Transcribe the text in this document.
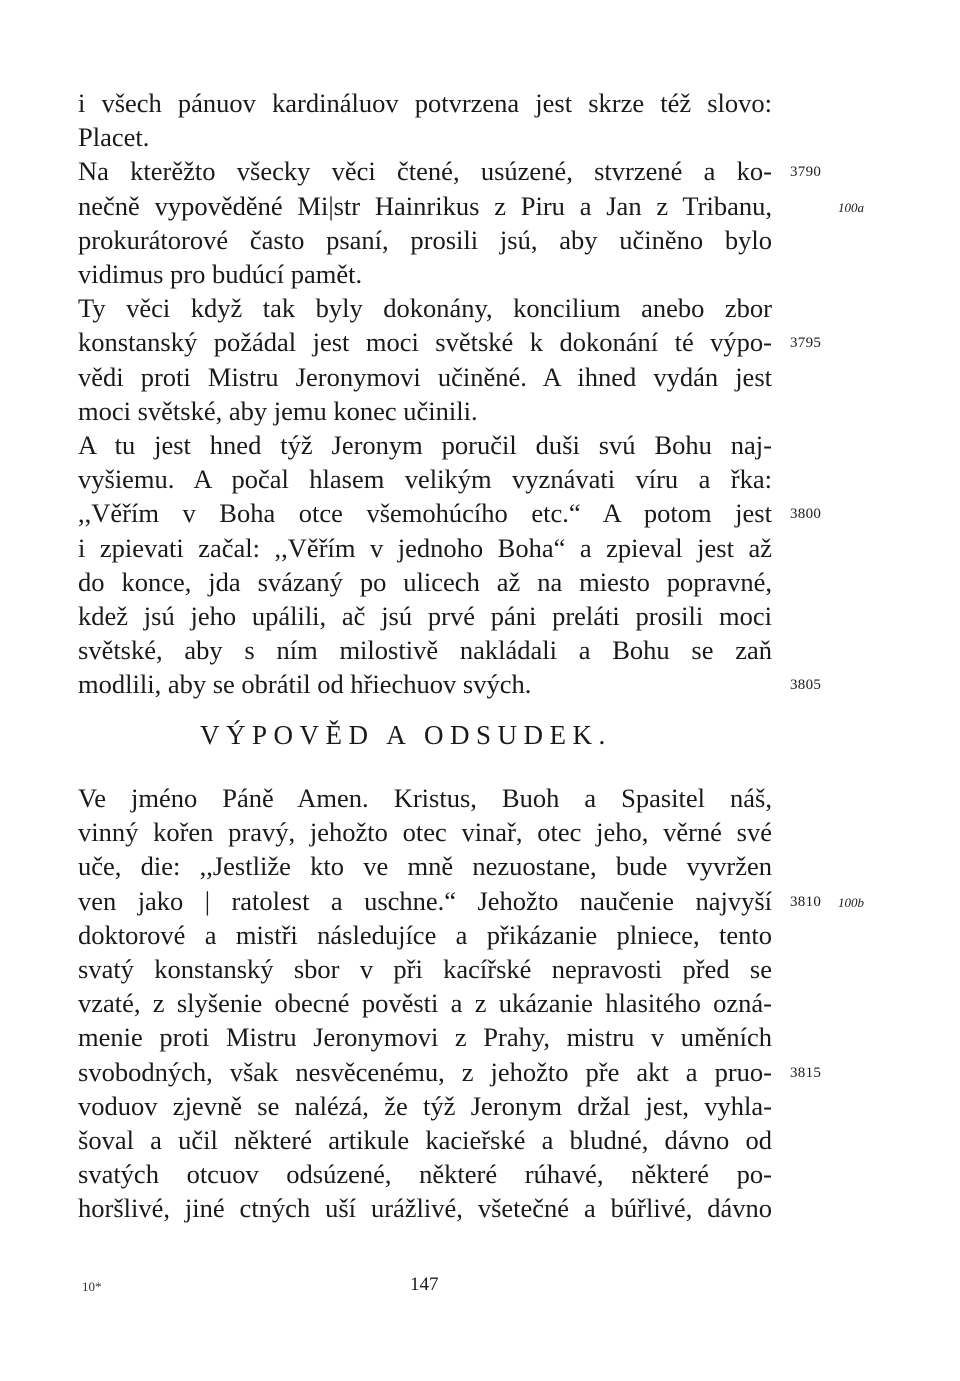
i všech pánuov kardináluov potvrzena jest skrze též slovo:
Placet.
Na kterěžto všecky věci čtené, usúzené, stvrzené a ko-
nečně vypověděné Mi|str Hainrikus z Piru a Jan z Tribanu,
prokurátorové často psaní, prosili jsú, aby učiněno bylo
vidimus pro budúcí pamět.
Ty věci když tak byly dokonány, koncilium anebo zbor
konstanský požádal jest moci světské k dokonání té výpo-
vědi proti Mistru Jeronymovi učiněné. A ihned vydán jest
moci světské, aby jemu konec učinili.
A tu jest hned týž Jeronym poručil duši svú Bohu naj-
vyšiemu. A počal hlasem velikým vyznávati víru a řka:
,,Věřím v Boha otce všemohúcího etc.“ A potom jest
i zpievati začal: ,,Věřím v jednoho Boha“ a zpieval jest až
do konce, jda svázaný po ulicech až na miesto popravné,
kdež jsú jeho upálili, ač jsú prvé páni preláti prosili moci
světské, aby s ním milostivě nakládali a Bohu se zaň
modlili, aby se obrátil od hřiechuov svých.
Ve jméno Páně Amen. Kristus, Buoh a Spasitel náš,
vinný kořen pravý, jehožto otec vinař, otec jeho, věrné své
uče, die: ,,Jestliže kto ve mně nezuostane, bude vyvržen
ven jako | ratolest a uschne.“ Jehožto naučenie najvyší
doktorové a mistři následujíce a přikázanie plniece, tento
svatý konstanský sbor v při kacířské nepravosti před se
vzaté, z slyšenie obecné pověsti a z ukázanie hlasitého ozná-
menie proti Mistru Jeronymovi z Prahy, mistru v uměních
svobodných, však nesvěcenému, z jehožto pře akt a pruo-
voduov zjevně se nalézá, že týž Jeronym držal jest, vyhla-
šoval a učil některé artikule kacieřské a bludné, dávno od
svatých otcuov odsúzené, některé rúhavé, některé po-
horšlivé, jiné ctných uší urážlivé, všetečné a búřlivé, dávno
3790
3795
3800
3805
3810
3815
100a
100b
VÝPOVĚD A ODSUDEK.
10*	147
